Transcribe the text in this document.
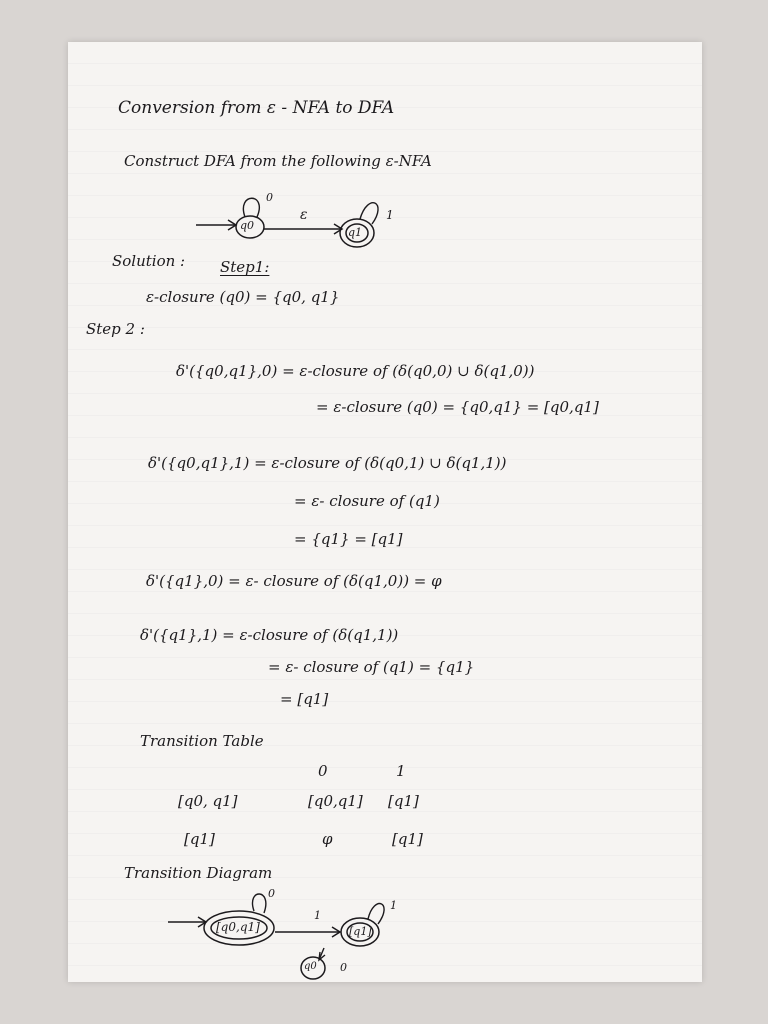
Conversion from ε - NFA to DFA
Construct DFA from the following ε-NFA
q0
q1
0
ε	1
Solution : Step1:
ε-closure (q0) = {q0, q1}
Step 2 :
δ'({q0,q1},0) = ε-closure of (δ(q0,0) ∪ δ(q1,0))
= ε-closure (q0) = {q0,q1} = [q0,q1]
δ'({q0,q1},1) = ε-closure of (δ(q0,1) ∪ δ(q1,1))
= ε- closure of (q1)
= {q1} = [q1]
δ'({q1},0) = ε- closure of (δ(q1,0)) = φ
δ'({q1},1) = ε-closure of (δ(q1,1))
= ε- closure of (q1) = {q1}
= [q1]
Transition Table
0	1
[q0, q1]	[q0,q1] [q1]
[q1]	φ	[q1]
Transition Diagram
[q0,q1]	[q1]
q0
0
1
1
0
